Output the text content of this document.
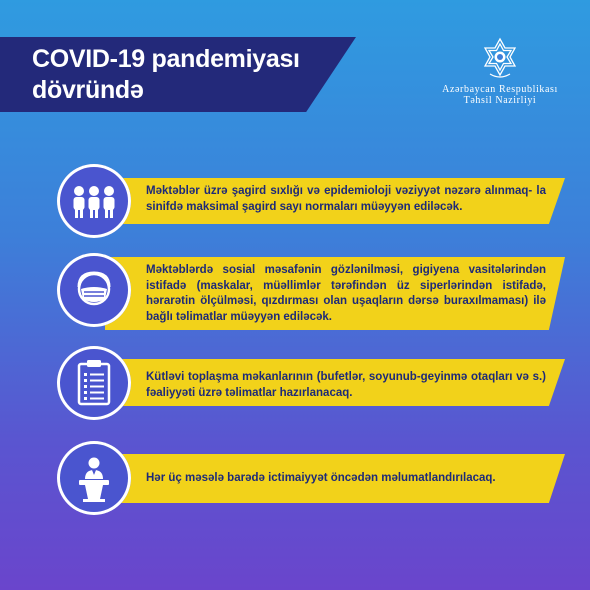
COVID-19 pandemiyası
dövründə	Azərbaycan Respublikası
Təhsil Nazirliyi
Məktəblər üzrə şagird sıxlığı və epidemioloji vəziyyət nəzərə alınmaq- la sinifdə maksimal şagird sayı normaları müəyyən ediləcək.
Məktəblərdə sosial məsafənin gözlənilməsi, gigiyena vasitələrindən istifadə (maskalar, müəllimlər tərəfindən üz siperlərindən istifadə, hərarətin ölçülməsi, qızdırması olan uşaqların dərsə buraxılmaması) ilə bağlı təlimatlar müəyyən ediləcək.
Kütləvi toplaşma məkanlarının (bufetlər, soyunub-geyinmə otaqları və s.) fəaliyyəti üzrə təlimatlar hazırlanacaq.
Hər üç məsələ barədə ictimaiyyət öncədən məlumatlandırılacaq.
